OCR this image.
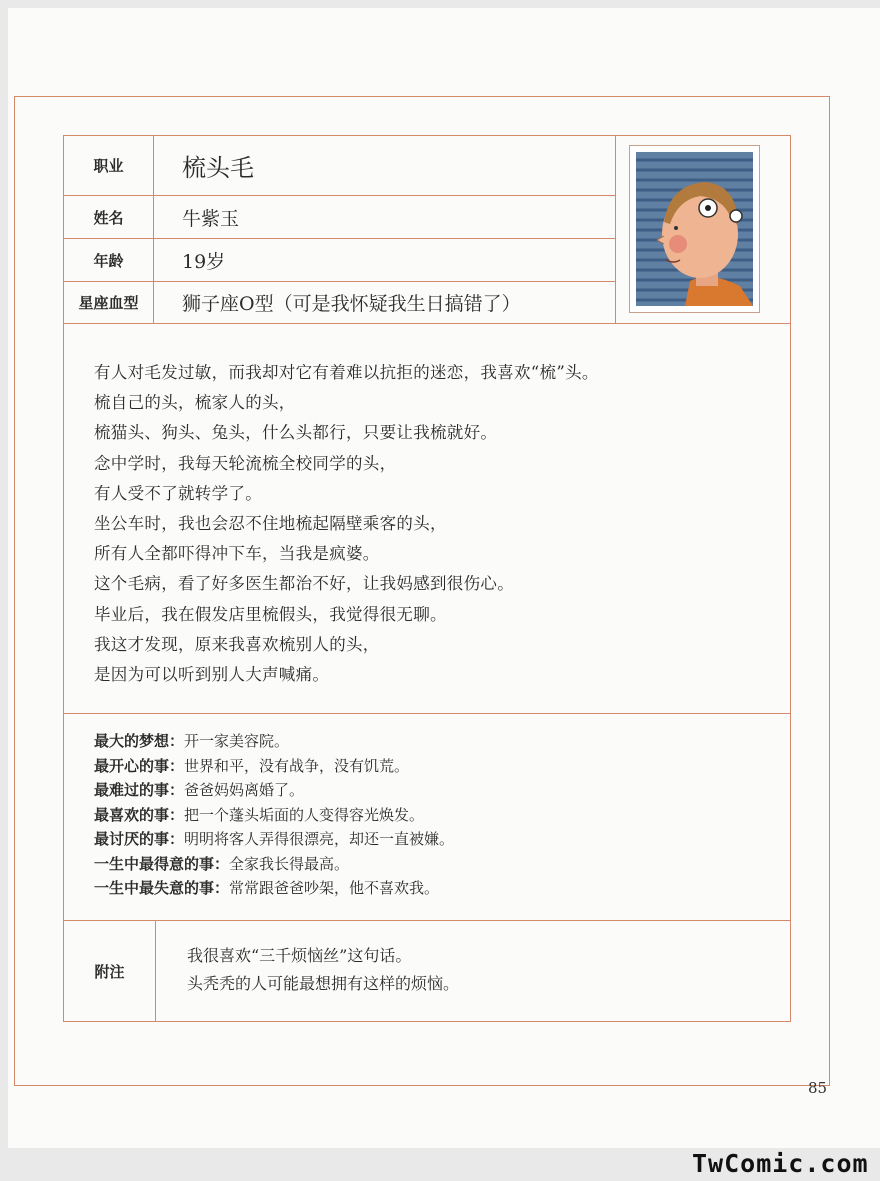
职业	梳头毛
姓名	牛紫玉
年龄	19岁
星座血型	狮子座O型（可是我怀疑我生日搞错了）
有人对毛发过敏，而我却对它有着难以抗拒的迷恋，我喜欢“梳”头。
梳自己的头，梳家人的头，
梳猫头、狗头、兔头，什么头都行，只要让我梳就好。
念中学时，我每天轮流梳全校同学的头，
有人受不了就转学了。
坐公车时，我也会忍不住地梳起隔壁乘客的头，
所有人全都吓得冲下车，当我是疯婆。
这个毛病，看了好多医生都治不好，让我妈感到很伤心。
毕业后，我在假发店里梳假头，我觉得很无聊。
我这才发现，原来我喜欢梳别人的头，
是因为可以听到别人大声喊痛。
最大的梦想：开一家美容院。
最开心的事：世界和平，没有战争，没有饥荒。
最难过的事：爸爸妈妈离婚了。
最喜欢的事：把一个蓬头垢面的人变得容光焕发。
最讨厌的事：明明将客人弄得很漂亮，却还一直被嫌。
一生中最得意的事：全家我长得最高。
一生中最失意的事：常常跟爸爸吵架，他不喜欢我。
附注
我很喜欢“三千烦恼丝”这句话。
头秃秃的人可能最想拥有这样的烦恼。
85
TwComic.com
